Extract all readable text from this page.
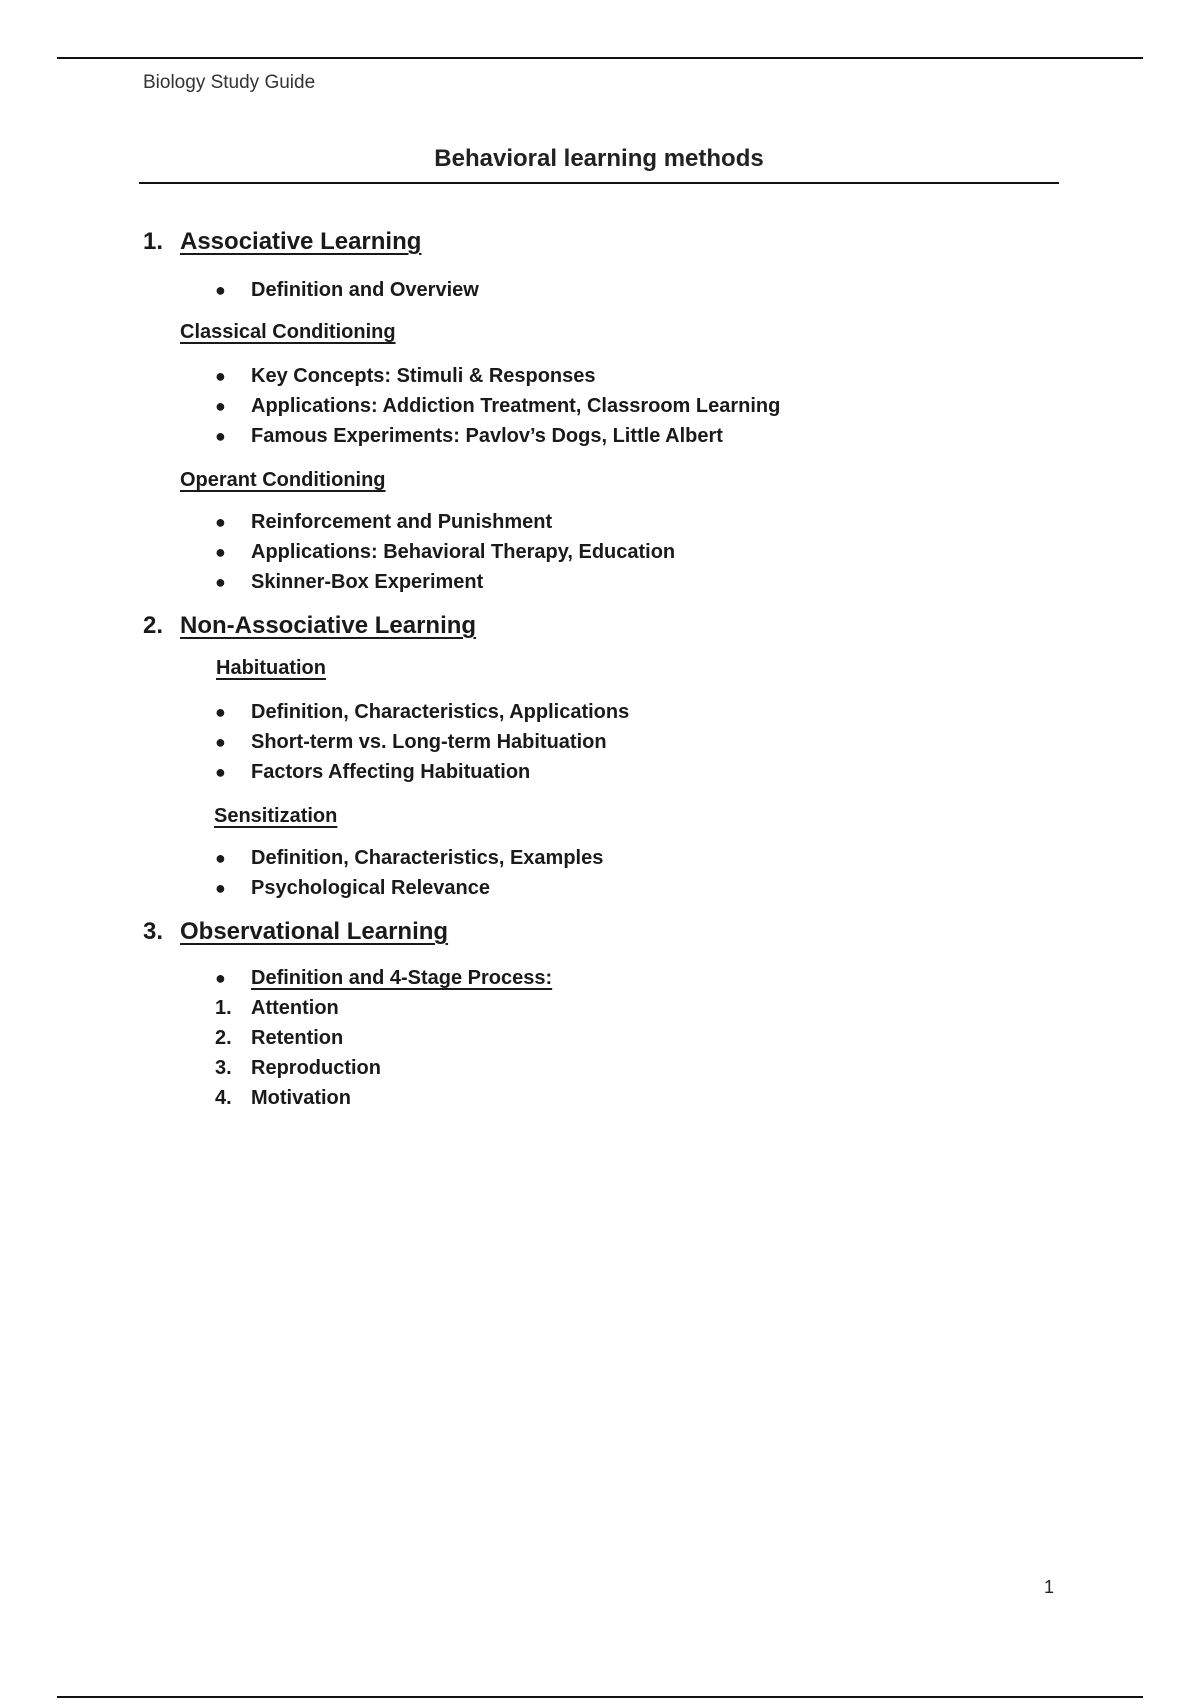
Biology Study Guide
Behavioral learning methods
1. Associative Learning
●	Definition and Overview
Classical Conditioning
●	Key Concepts: Stimuli & Responses
●	Applications: Addiction Treatment, Classroom Learning
●	Famous Experiments: Pavlov’s Dogs, Little Albert
Operant Conditioning
●	Reinforcement and Punishment
●	Applications: Behavioral Therapy, Education
●	Skinner-Box Experiment
2. Non-Associative Learning
Habituation
●	Definition, Characteristics, Applications
●	Short-term vs. Long-term Habituation
●	Factors Affecting Habituation
Sensitization
●	Definition, Characteristics, Examples
●	Psychological Relevance
3. Observational Learning
●	Definition and 4-Stage Process:
1. Attention
2. Retention
3. Reproduction
4. Motivation
1
